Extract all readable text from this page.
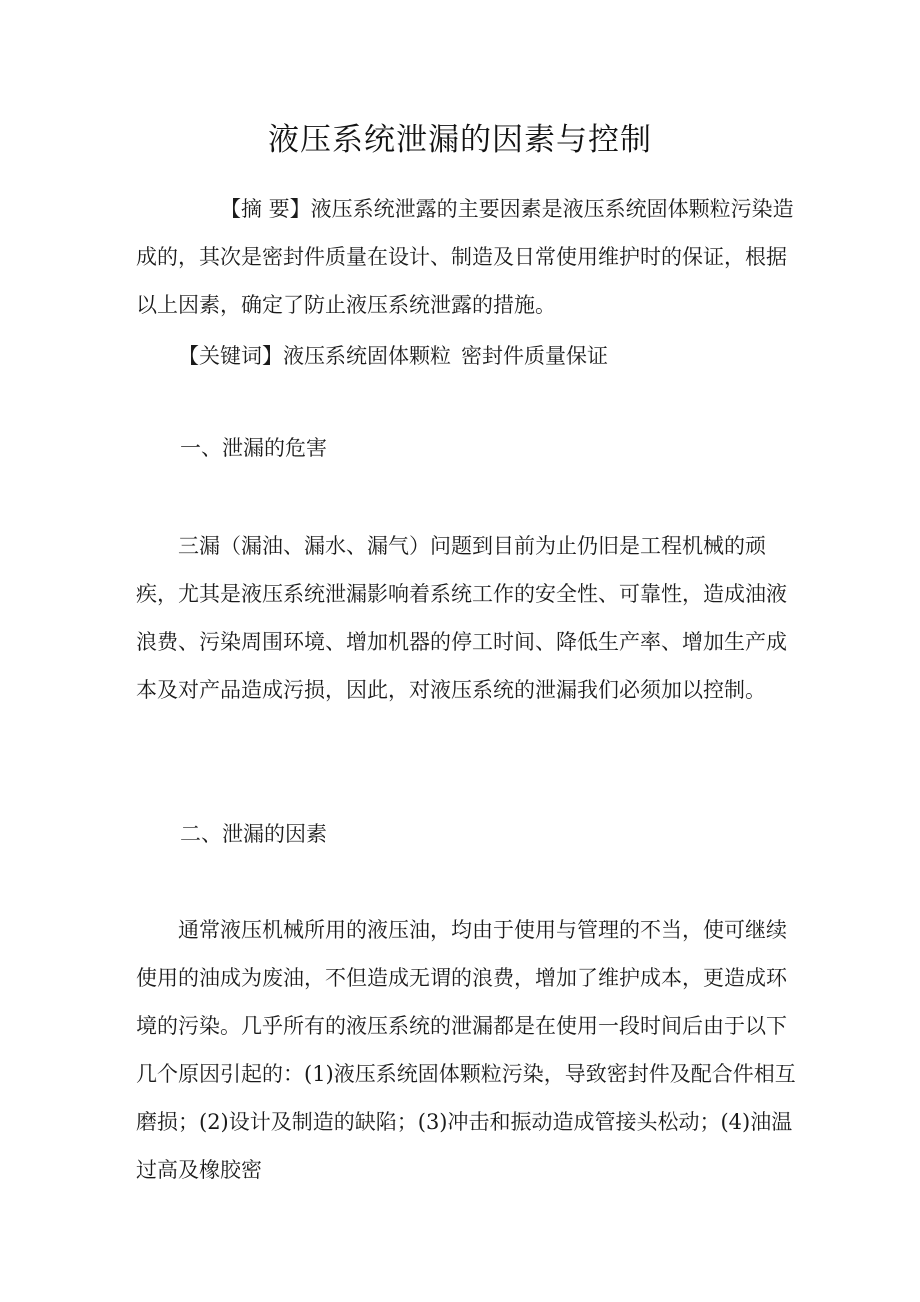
液压系统泄漏的因素与控制
【摘 要】液压系统泄露的主要因素是液压系统固体颗粒污染造成的，其次是密封件质量在设计、制造及日常使用维护时的保证，根据以上因素，确定了防止液压系统泄露的措施。
【关键词】液压系统固体颗粒 密封件质量保证
一、泄漏的危害
三漏（漏油、漏水、漏气）问题到目前为止仍旧是工程机械的顽疾，尤其是液压系统泄漏影响着系统工作的安全性、可靠性，造成油液浪费、污染周围环境、增加机器的停工时间、降低生产率、增加生产成本及对产品造成污损，因此，对液压系统的泄漏我们必须加以控制。
二、泄漏的因素
通常液压机械所用的液压油，均由于使用与管理的不当，使可继续使用的油成为废油，不但造成无谓的浪费，增加了维护成本，更造成环境的污染。几乎所有的液压系统的泄漏都是在使用一段时间后由于以下几个原因引起的：(1)液压系统固体颗粒污染，导致密封件及配合件相互磨损；(2)设计及制造的缺陷；(3)冲击和振动造成管接头松动；(4)油温过高及橡胶密
